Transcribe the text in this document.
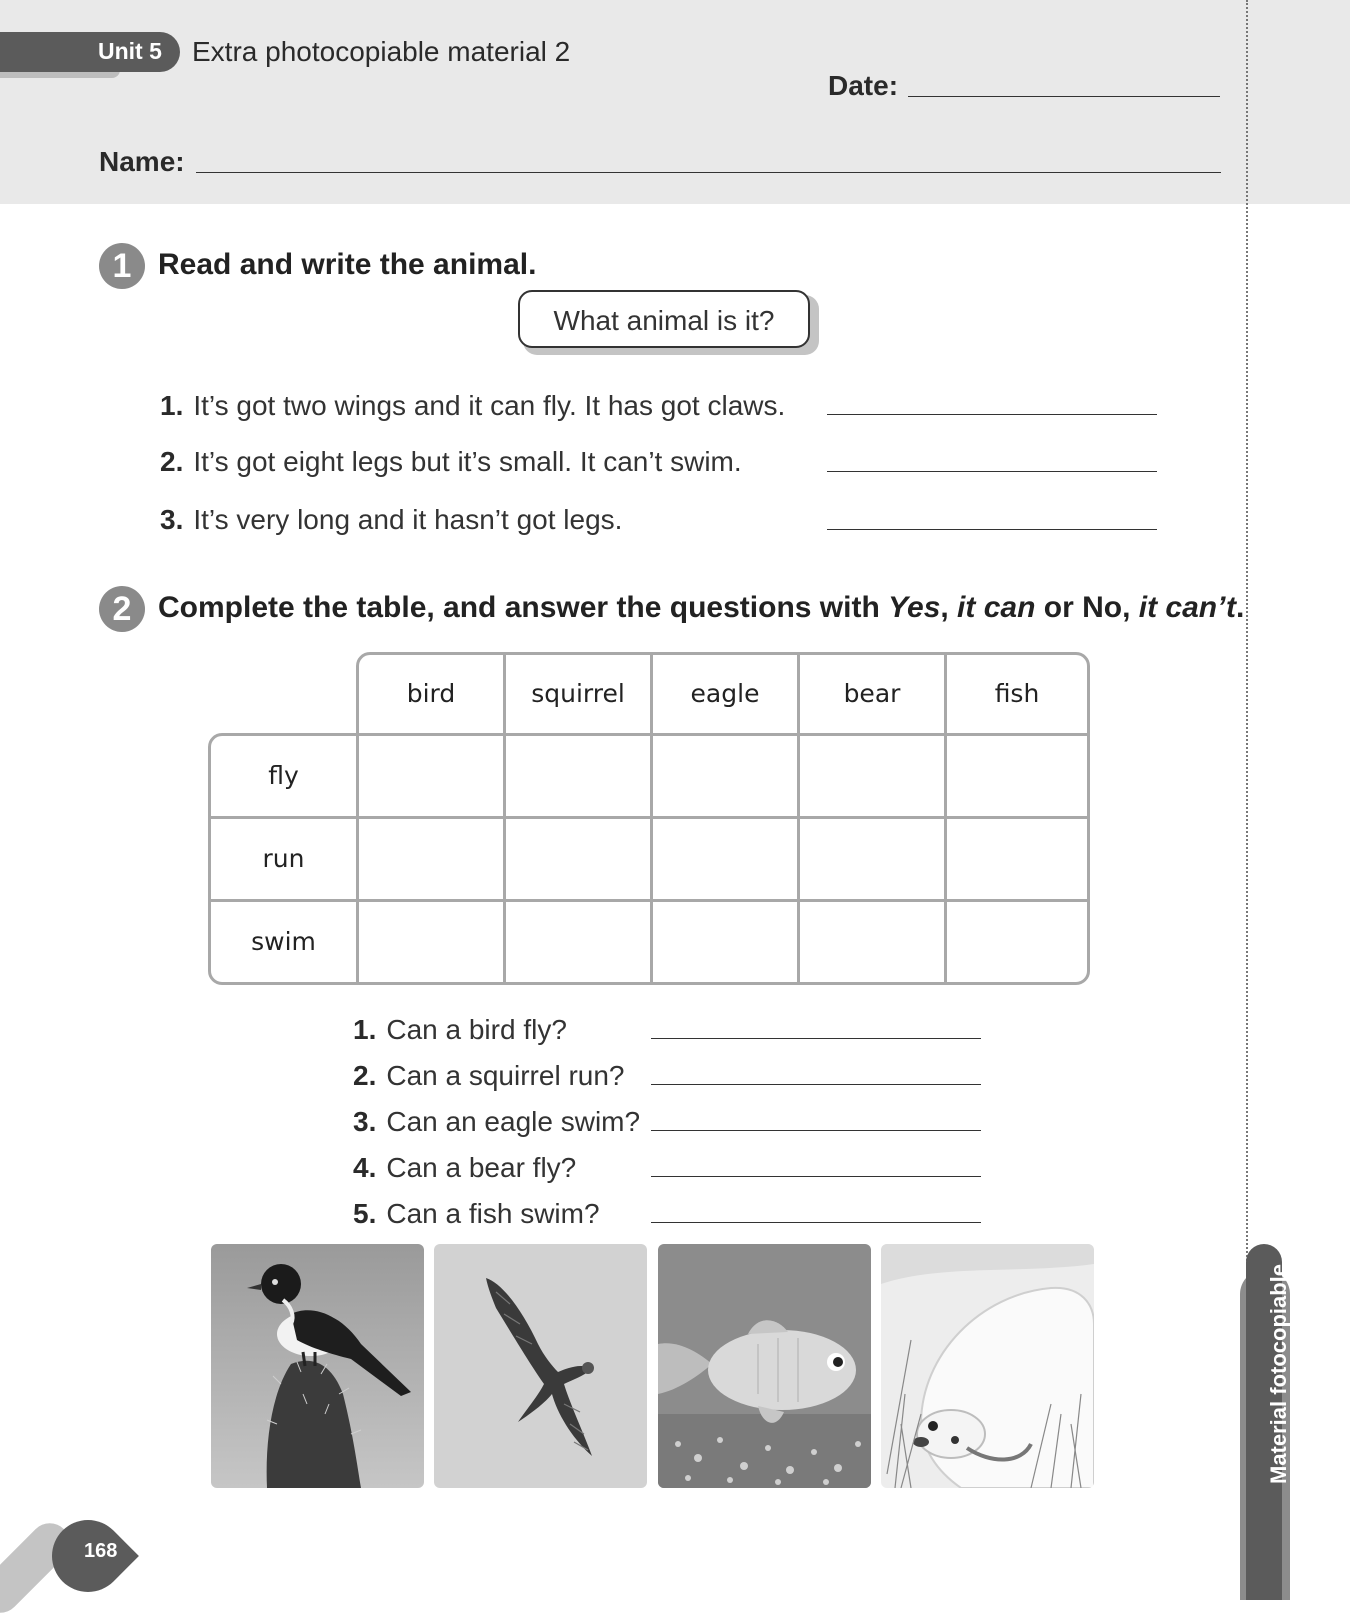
Unit 5 Extra photocopiable material 2
Date:
Name:
1 Read and write the animal.
What animal is it?
1. It’s got two wings and it can fly. It has got claws.
2. It’s got eight legs but it’s small. It can’t swim.
3. It’s very long and it hasn’t got legs.
2 Complete the table, and answer the questions with Yes, it can or No, it can’t.
bird	squirrel	eagle	bear	fish
fly
run
swim
1. Can a bird fly?
2. Can a squirrel run?
3. Can an eagle swim?
4. Can a bear fly?
5. Can a fish swim?
Material fotocopiable
168
